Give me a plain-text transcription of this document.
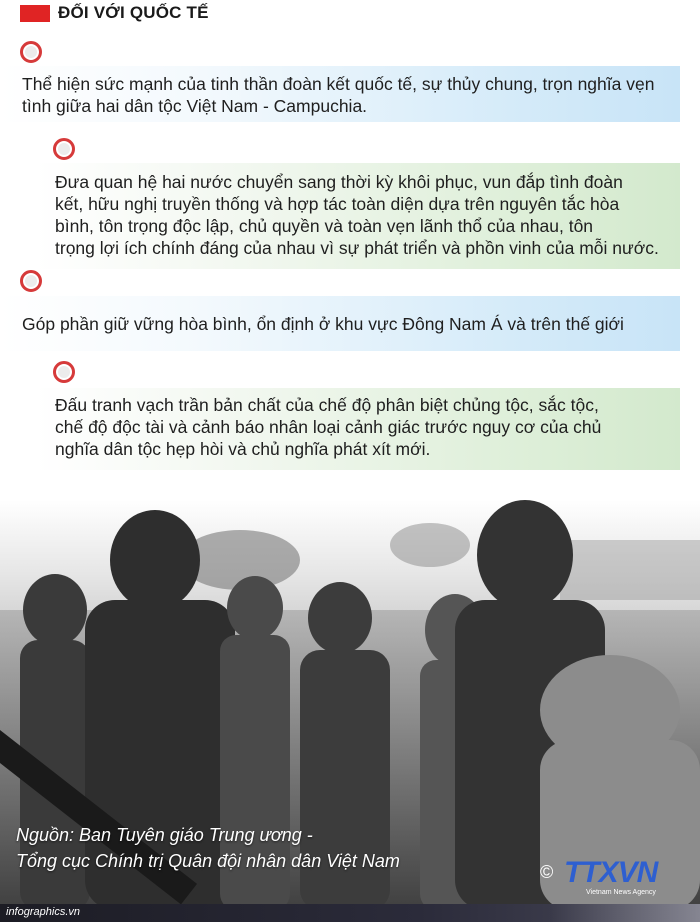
ĐỐI VỚI QUỐC TẾ
Thể hiện sức mạnh của tinh thần đoàn kết quốc tế, sự thủy chung, trọn nghĩa vẹn
tình giữa hai dân tộc Việt Nam - Campuchia.
Đưa quan hệ hai nước chuyển sang thời kỳ khôi phục, vun đắp tình đoàn
kết, hữu nghị truyền thống và hợp tác toàn diện dựa trên nguyên tắc hòa
bình, tôn trọng độc lập, chủ quyền và toàn vẹn lãnh thổ của nhau, tôn
trọng lợi ích chính đáng của nhau vì sự phát triển và phồn vinh của mỗi nước.
Góp phần giữ vững hòa bình, ổn định ở khu vực Đông Nam Á và trên thế giới
Đấu tranh vạch trần bản chất của chế độ phân biệt chủng tộc, sắc tộc,
chế độ độc tài và cảnh báo nhân loại cảnh giác trước nguy cơ của chủ
nghĩa dân tộc hẹp hòi và chủ nghĩa phát xít mới.
Nguồn: Ban Tuyên giáo Trung ương -
Tổng cục Chính trị Quân đội nhân dân Việt Nam
© TTXVN
Vietnam News Agency
infographics.vn
